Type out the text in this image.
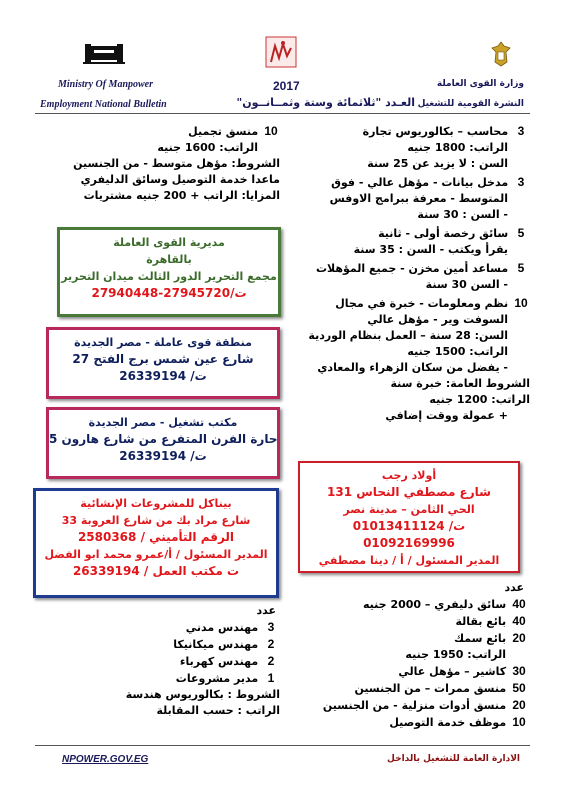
Ministry Of Manpower
Employment National Bulletin
2017
العـدد "ثلاثمائة وستة وثمــانــون"
وزارة القوى العاملة
النشرة القومية للتشغيل
3 محاسب – بكالوريوس تجارة
الراتب: 1800 جنيه
السن : لا يزيد عن 25 سنة
3 مدخل بيانات - مؤهل عالي - فوق
المتوسط - معرفة ببرامج الاوفس
- السن : 30 سنة
5 سائق رخصة أولى - ثانية
يقرأ ويكتب - السن : 35 سنة
5 مساعد أمين مخزن - جميع المؤهلات
- السن 30 سنة
10 نظم ومعلومات - خبرة في مجال
السوفت وير - مؤهل عالي
السن: 28 سنة – العمل بنظام الوردية
الراتب: 1500 جنيه
- يفضل من سكان الزهراء والمعادي
الشروط العامة: خبرة سنة
الراتب: 1200 جنيه
+ عمولة ووقت إضافي
10 منسق تجميل
الراتب: 1600 جنيه
الشروط: مؤهل متوسط - من الجنسين
ماعدا خدمة التوصيل وسائق الدليفري
المزايا: الراتب + 200 جنيه مشتريات
مديرية القوى العاملة
بالقاهرة
مجمع التحرير الدور الثالث ميدان التحرير
ت/27945720-27940448
منطقة قوى عاملة - مصر الجديدة
27 شارع عين شمس برج الفتح
ت/ 26339194
مكتب تشغيل - مصر الجديدة
5 حارة الفرن المتفرع من شارع هارون
ت/ 26339194
أولاد رجب
131 شارع مصطفي النحاس
الحي الثامن – مدينة نصر
ت/ 01013411124
01092169996
المدير المسئول / أ / دينا مصطفي
بيناكل للمشروعات الإنشائية
33 شارع مراد بك من شارع العروبة
الرقم التأميني / 2580368
المدير المسئول / أ/عمرو محمد ابو الفضل
ت مكتب العمل / 26339194
عدد
40 سائق دليفري – 2000 جنيه
40 بائع بقالة
20 بائع سمك
الراتب: 1950 جنيه
30 كاشير – مؤهل عالي
50 منسق ممرات – من الجنسين
20 منسق أدوات منزلية - من الجنسين
10 موظف خدمة التوصيل
عدد
3 مهندس مدني
2 مهندس ميكانيكا
2 مهندس كهرباء
1 مدير مشروعات
الشروط : بكالوريوس هندسة
الراتب : حسب المقابلة
NPOWER.GOV.EG	الادارة العامة للتشغيل بالداخل
